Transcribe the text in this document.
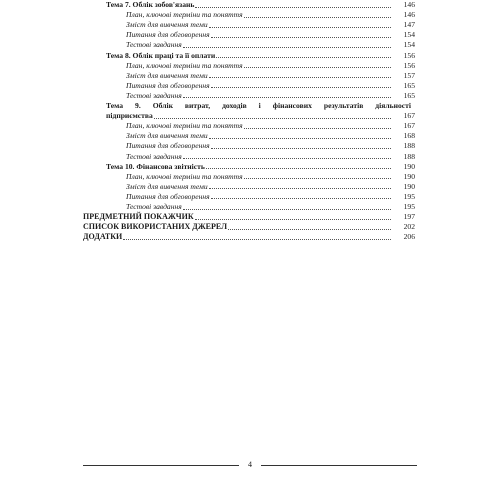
Тема 7. Облік зобов'язань	146
План, ключові терміни та поняття	146
Зміст для вивчення теми	147
Питання для обговорення	154
Тестові завдання	154
Тема 8. Облік праці та її оплати	156
План, ключові терміни та поняття	156
Зміст для вивчення теми	157
Питання для обговорення	165
Тестові завдання	165
Тема 9. Облік витрат, доходів і фінансових результатів діяльності
підприємства	167
План, ключові терміни та поняття	167
Зміст для вивчення теми	168
Питання для обговорення	188
Тестові завдання	188
Тема 10. Фінансова звітність	190
План, ключові терміни та поняття	190
Зміст для вивчення теми	190
Питання для обговорення	195
Тестові завдання	195
ПРЕДМЕТНИЙ ПОКАЖЧИК	197
СПИСОК ВИКОРИСТАНИХ ДЖЕРЕЛ	202
ДОДАТКИ	206
4
